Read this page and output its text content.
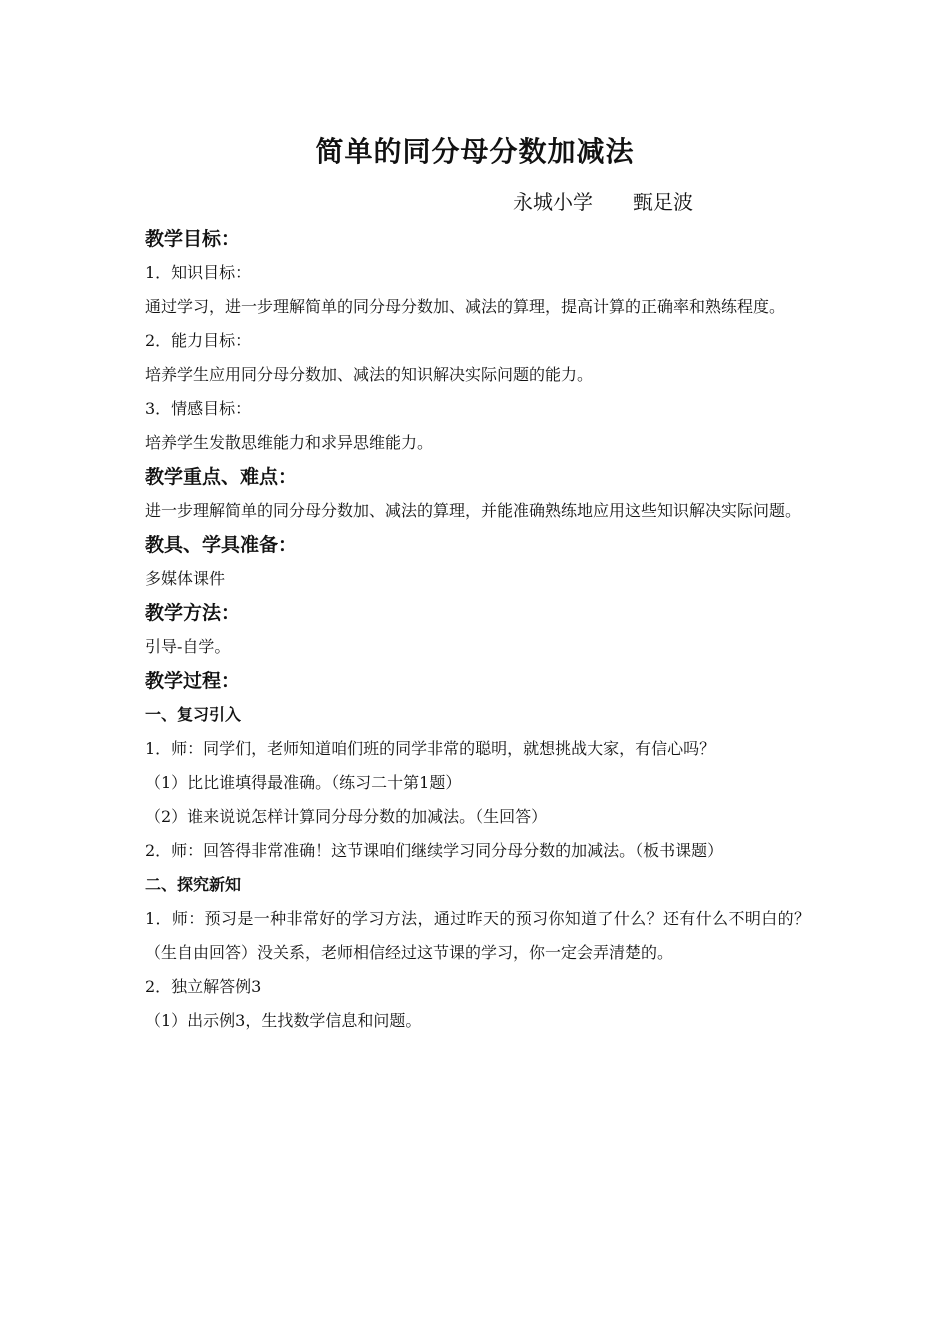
简单的同分母分数加减法
永城小学　　甄足波
教学目标：
1．知识目标：
通过学习，进一步理解简单的同分母分数加、减法的算理，提高计算的正确率和熟练程度。
2．能力目标：
培养学生应用同分母分数加、减法的知识解决实际问题的能力。
3．情感目标：
培养学生发散思维能力和求异思维能力。
教学重点、难点：
进一步理解简单的同分母分数加、减法的算理，并能准确熟练地应用这些知识解决实际问题。
教具、学具准备：
多媒体课件
教学方法：
引导-自学。
教学过程：
一、复习引入
1．师：同学们，老师知道咱们班的同学非常的聪明，就想挑战大家，有信心吗？
（1）比比谁填得最准确。（练习二十第1题）
（2）谁来说说怎样计算同分母分数的加减法。（生回答）
2．师：回答得非常准确！这节课咱们继续学习同分母分数的加减法。（板书课题）
二、探究新知
1．师：预习是一种非常好的学习方法，通过昨天的预习你知道了什么？还有什么不明白的？（生自由回答）没关系，老师相信经过这节课的学习，你一定会弄清楚的。
2．独立解答例3
（1）出示例3，生找数学信息和问题。
